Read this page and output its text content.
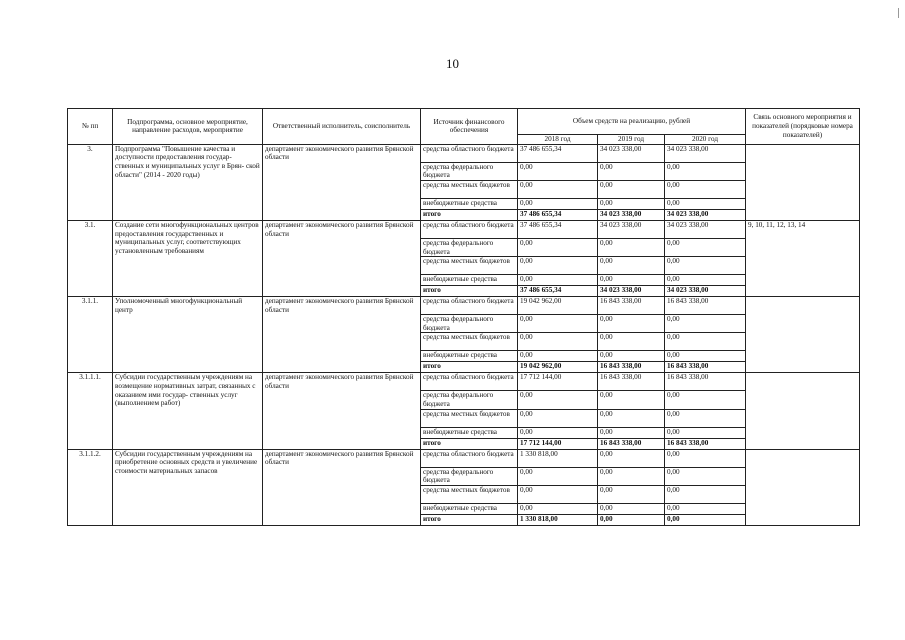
10
№ пп	Подпрограмма, основное мероприятие, направление расходов, мероприятие	Ответственный исполнитель, соисполнитель	Источник финансового обеспечения	Объем средств на реализацию, рублей			Связь основного мероприятия и показателей (порядковые номера показателей)
				2018 год	2019 год	2020 год	
3.	Подпрограмма "Повышение качества и доступности предоставления государ- ственных и муниципальных услуг в Брян- ской области" (2014 - 2020 годы)	департамент экономического развития Брянской области	средства областного бюджета	37 486 655,34	34 023 338,00	34 023 338,00	
			средства федерального бюджета	0,00	0,00	0,00	
			средства местных бюджетов	0,00	0,00	0,00	
			внебюджетные средства	0,00	0,00	0,00	
			итого	37 486 655,34	34 023 338,00	34 023 338,00	
3.1.	Создание сети многофункциональных центров предоставления государственных и муниципальных услуг, соответствующих установленным требованиям	департамент экономического развития Брянской области	средства областного бюджета	37 486 655,34	34 023 338,00	34 023 338,00	9, 10, 11, 12, 13, 14
			средства федерального бюджета	0,00	0,00	0,00	
			средства местных бюджетов	0,00	0,00	0,00	
			внебюджетные средства	0,00	0,00	0,00	
			итого	37 486 655,34	34 023 338,00	34 023 338,00	
3.1.1.	Уполномоченный многофункциональный центр	департамент экономического развития Брянской области	средства областного бюджета	19 042 962,00	16 843 338,00	16 843 338,00	
			средства федерального бюджета	0,00	0,00	0,00	
			средства местных бюджетов	0,00	0,00	0,00	
			внебюджетные средства	0,00	0,00	0,00	
			итого	19 042 962,00	16 843 338,00	16 843 338,00	
3.1.1.1.	Субсидии государственным учреждениям на возмещение нормативных затрат, связанных с оказанием ими государ- ственных услуг (выполнением работ)	департамент экономического развития Брянской области	средства областного бюджета	17 712 144,00	16 843 338,00	16 843 338,00	
			средства федерального бюджета	0,00	0,00	0,00	
			средства местных бюджетов	0,00	0,00	0,00	
			внебюджетные средства	0,00	0,00	0,00	
			итого	17 712 144,00	16 843 338,00	16 843 338,00	
3.1.1.2.	Субсидии государственным учреждениям на приобретение основных средств и увеличение стоимости материальных запасов	департамент экономического развития Брянской области	средства областного бюджета	1 330 818,00	0,00	0,00	
			средства федерального бюджета	0,00	0,00	0,00	
			средства местных бюджетов	0,00	0,00	0,00	
			внебюджетные средства	0,00	0,00	0,00	
			итого	1 330 818,00	0,00	0,00	
